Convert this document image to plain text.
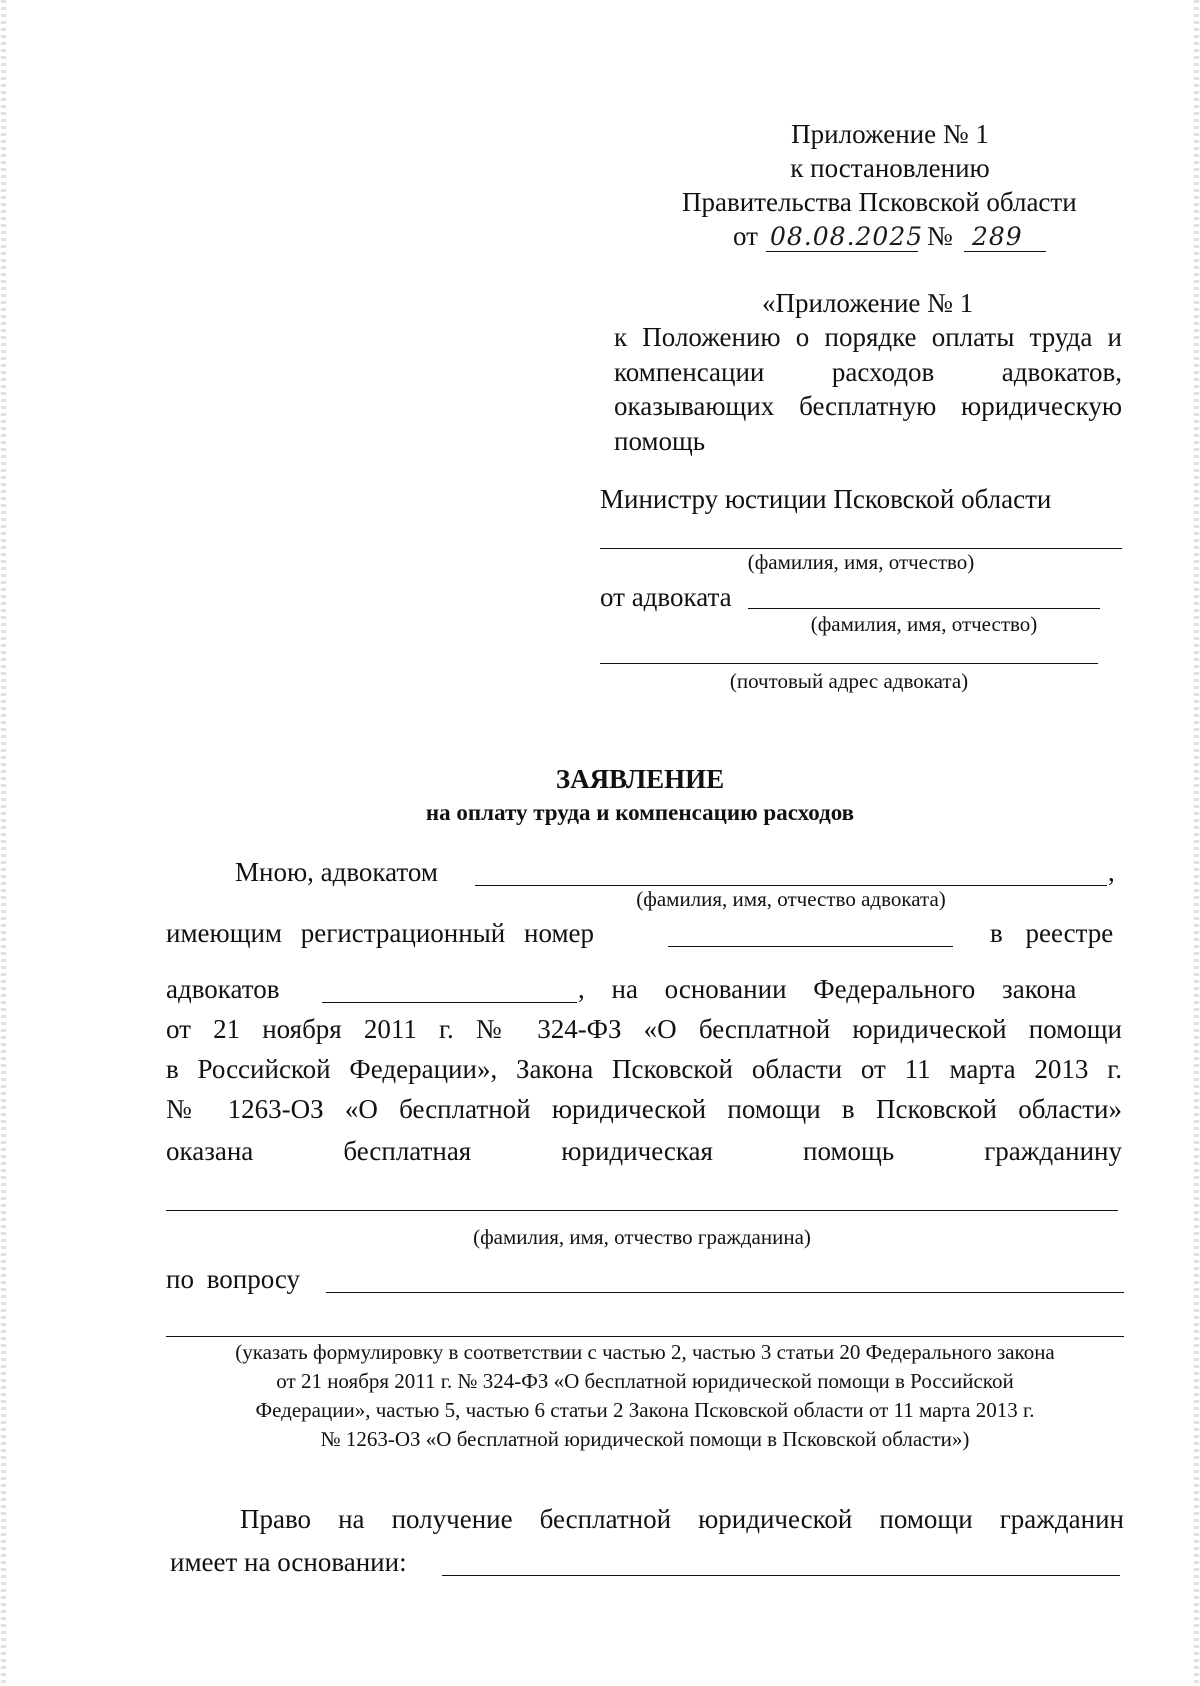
Приложение № 1
к постановлению
Правительства Псковской области
от 08.08.2025 № 289
«Приложение № 1
к Положению о порядке оплаты труда и компенсации расходов адвокатов, оказывающих бесплатную юридическую помощь
Министру юстиции Псковской области
(фамилия, имя, отчество)
от адвоката
(фамилия, имя, отчество)
(почтовый адрес адвоката)
ЗАЯВЛЕНИЕ
на оплату труда и компенсацию расходов
Мною, адвокатом	,
(фамилия, имя, отчество адвоката)
имеющим регистрационный номер	в реестре
адвокатов	, на основании Федерального закона
от 21 ноября 2011 г. № 324-ФЗ «О бесплатной юридической помощи
в Российской Федерации», Закона Псковской области от 11 марта 2013 г.
№ 1263-ОЗ «О бесплатной юридической помощи в Псковской области»
оказана бесплатная юридическая помощь гражданину
(фамилия, имя, отчество гражданина)
по вопросу
(указать формулировку в соответствии с частью 2, частью 3 статьи 20 Федерального закона
от 21 ноября 2011 г. № 324-ФЗ «О бесплатной юридической помощи в Российской
Федерации», частью 5, частью 6 статьи 2 Закона Псковской области от 11 марта 2013 г.
№ 1263-ОЗ «О бесплатной юридической помощи в Псковской области»)
Право на получение бесплатной юридической помощи гражданин
имеет на основании:
